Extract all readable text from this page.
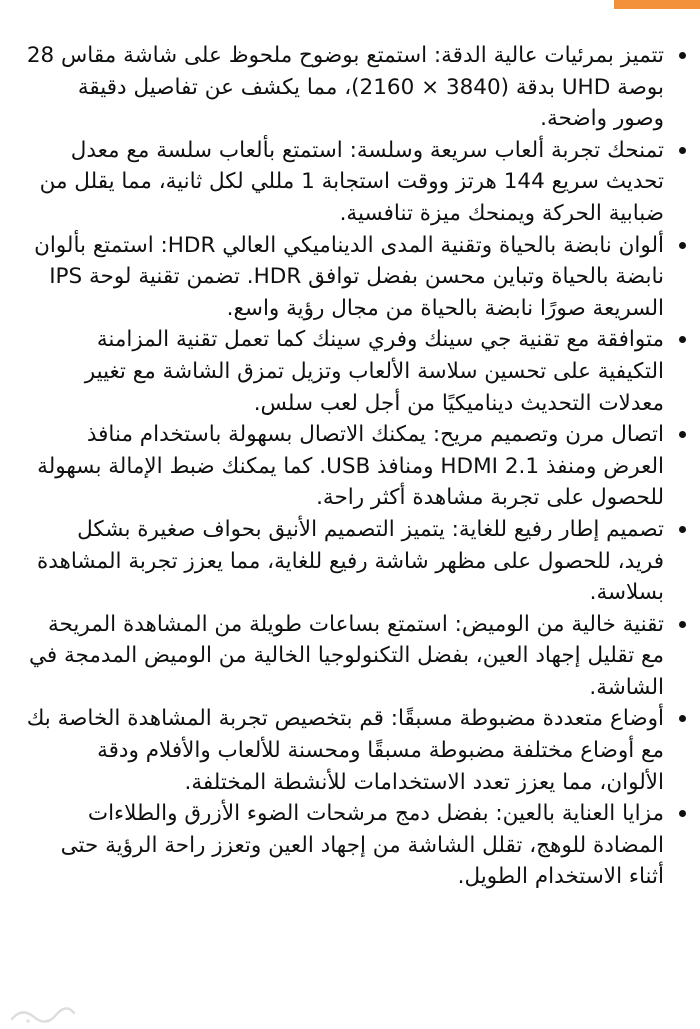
تتميز بمرئيات عالية الدقة: استمتع بوضوح ملحوظ على شاشة مقاس 28 بوصة UHD بدقة (3840 × 2160)، مما يكشف عن تفاصيل دقيقة وصور واضحة.
تمنحك تجربة ألعاب سريعة وسلسة: استمتع بألعاب سلسة مع معدل تحديث سريع 144 هرتز ووقت استجابة 1 مللي لكل ثانية، مما يقلل من ضبابية الحركة ويمنحك ميزة تنافسية.
ألوان نابضة بالحياة وتقنية المدى الديناميكي العالي HDR: استمتع بألوان نابضة بالحياة وتباين محسن بفضل توافق HDR. تضمن تقنية لوحة IPS السريعة صورًا نابضة بالحياة من مجال رؤية واسع.
متوافقة مع تقنية جي سينك وفري سينك كما تعمل تقنية المزامنة التكيفية على تحسين سلاسة الألعاب وتزيل تمزق الشاشة مع تغيير معدلات التحديث ديناميكيًا من أجل لعب سلس.
اتصال مرن وتصميم مريح: يمكنك الاتصال بسهولة باستخدام منافذ العرض ومنفذ HDMI 2.1 ومنافذ USB. كما يمكنك ضبط الإمالة بسهولة للحصول على تجربة مشاهدة أكثر راحة.
تصميم إطار رفيع للغاية: يتميز التصميم الأنيق بحواف صغيرة بشكل فريد، للحصول على مظهر شاشة رفيع للغاية، مما يعزز تجربة المشاهدة بسلاسة.
تقنية خالية من الوميض: استمتع بساعات طويلة من المشاهدة المريحة مع تقليل إجهاد العين، بفضل التكنولوجيا الخالية من الوميض المدمجة في الشاشة.
أوضاع متعددة مضبوطة مسبقًا: قم بتخصيص تجربة المشاهدة الخاصة بك مع أوضاع مختلفة مضبوطة مسبقًا ومحسنة للألعاب والأفلام ودقة الألوان، مما يعزز تعدد الاستخدامات للأنشطة المختلفة.
مزايا العناية بالعين: بفضل دمج مرشحات الضوء الأزرق والطلاءات المضادة للوهج، تقلل الشاشة من إجهاد العين وتعزز راحة الرؤية حتى أثناء الاستخدام الطويل.
